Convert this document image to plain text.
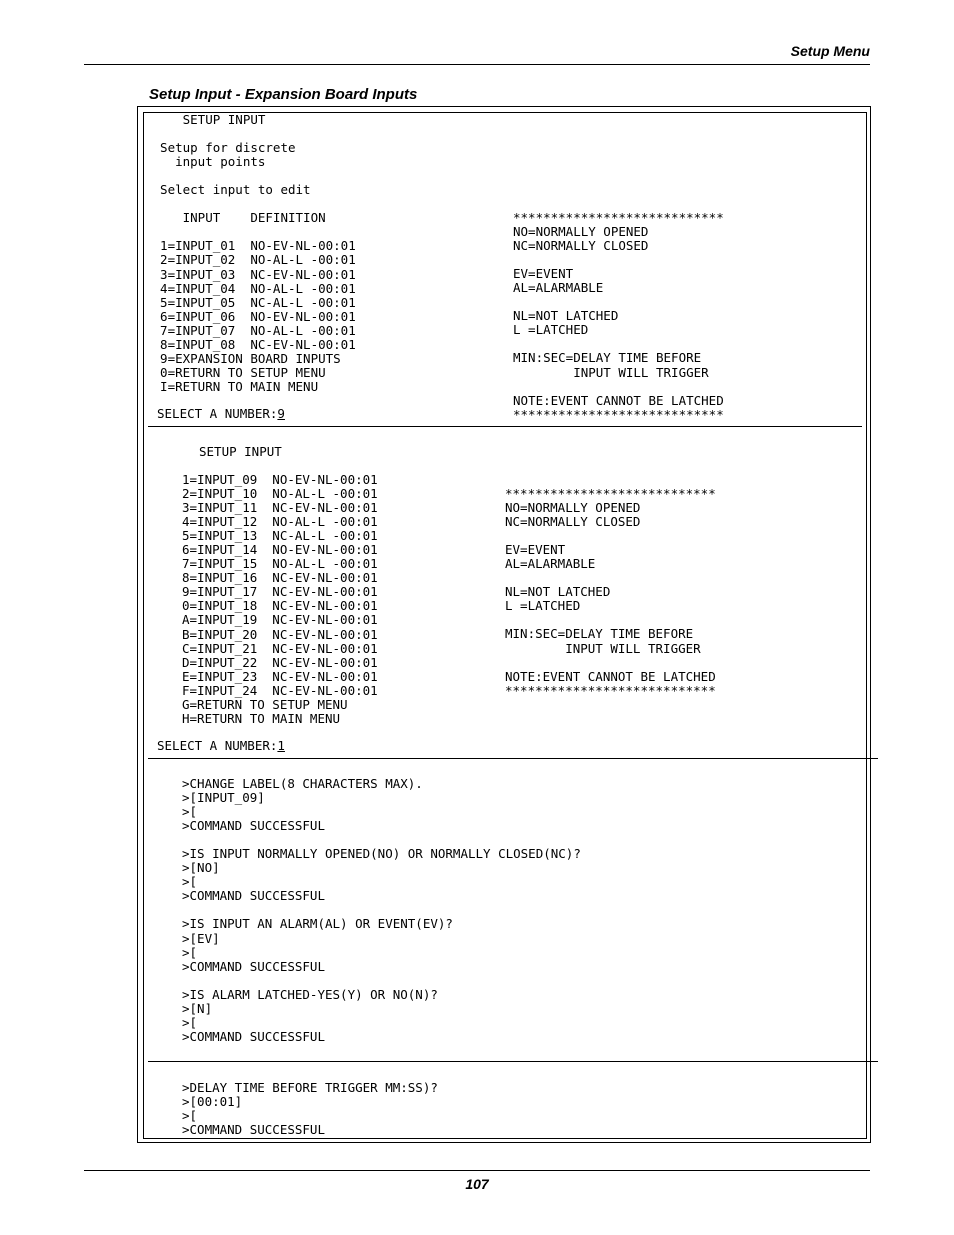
Setup Menu
Setup Input - Expansion Board Inputs
SETUP INPUT

Setup for discrete
input points

Select input to edit

INPUT    DEFINITION

1=INPUT_01  NO-EV-NL-00:01
2=INPUT_02  NO-AL-L -00:01
3=INPUT_03  NC-EV-NL-00:01
4=INPUT_04  NO-AL-L -00:01
5=INPUT_05  NC-AL-L -00:01
6=INPUT_06  NO-EV-NL-00:01
7=INPUT_07  NO-AL-L -00:01
8=INPUT_08  NC-EV-NL-00:01
9=EXPANSION BOARD INPUTS
0=RETURN TO SETUP MENU
I=RETURN TO MAIN MENU
SELECT A NUMBER:9
****************************
NO=NORMALLY OPENED
NC=NORMALLY CLOSED

EV=EVENT
AL=ALARMABLE

NL=NOT LATCHED
L =LATCHED

MIN:SEC=DELAY TIME BEFORE
INPUT WILL TRIGGER

NOTE:EVENT CANNOT BE LATCHED
****************************
SETUP INPUT
1=INPUT_09  NO-EV-NL-00:01
2=INPUT_10  NO-AL-L -00:01
3=INPUT_11  NC-EV-NL-00:01
4=INPUT_12  NO-AL-L -00:01
5=INPUT_13  NC-AL-L -00:01
6=INPUT_14  NO-EV-NL-00:01
7=INPUT_15  NO-AL-L -00:01
8=INPUT_16  NC-EV-NL-00:01
9=INPUT_17  NC-EV-NL-00:01
0=INPUT_18  NC-EV-NL-00:01
A=INPUT_19  NC-EV-NL-00:01
B=INPUT_20  NC-EV-NL-00:01
C=INPUT_21  NC-EV-NL-00:01
D=INPUT_22  NC-EV-NL-00:01
E=INPUT_23  NC-EV-NL-00:01
F=INPUT_24  NC-EV-NL-00:01
G=RETURN TO SETUP MENU
H=RETURN TO MAIN MENU
SELECT A NUMBER:1
****************************
NO=NORMALLY OPENED
NC=NORMALLY CLOSED

EV=EVENT
AL=ALARMABLE

NL=NOT LATCHED
L =LATCHED

MIN:SEC=DELAY TIME BEFORE
INPUT WILL TRIGGER

NOTE:EVENT CANNOT BE LATCHED
****************************
>CHANGE LABEL(8 CHARACTERS MAX).
>[INPUT_09]
>[
>COMMAND SUCCESSFUL

>IS INPUT NORMALLY OPENED(NO) OR NORMALLY CLOSED(NC)?
>[NO]
>[
>COMMAND SUCCESSFUL

>IS INPUT AN ALARM(AL) OR EVENT(EV)?
>[EV]
>[
>COMMAND SUCCESSFUL

>IS ALARM LATCHED-YES(Y) OR NO(N)?
>[N]
>[
>COMMAND SUCCESSFUL
>DELAY TIME BEFORE TRIGGER MM:SS)?
>[00:01]
>[
>COMMAND SUCCESSFUL
107
